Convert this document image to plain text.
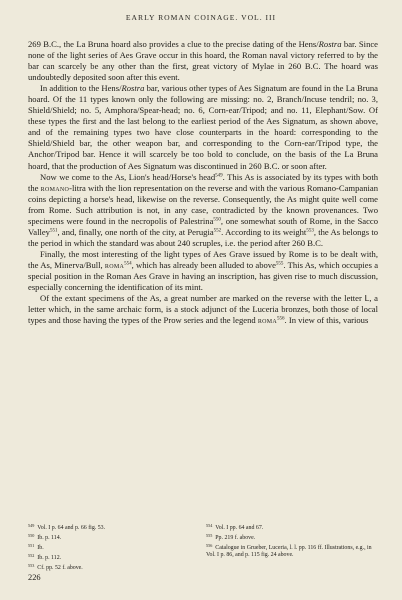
EARLY ROMAN COINAGE. VOL. III

269 B.C., the La Bruna hoard also provides a clue to the precise dating of the Hens/Rostra bar. Since none of the light series of Aes Grave occur in this hoard, the Roman naval victory referred to by the bar can scarcely be any other than the first, great victory of Mylae in 260 B.C. The hoard was undoubtedly deposited soon after this event.

In addition to the Hens/Rostra bar, various other types of Aes Signatum are found in the La Bruna hoard. Of the 11 types known only the following are missing: no. 2, Branch/Incuse tendril; no. 3, Shield/Shield; no. 5, Amphora/Spear-head; no. 6, Corn-ear/Tripod; and no. 11, Elephant/Sow. Of these types the first and the last belong to the earliest period of the Aes Signatum, as shown above, and of the remaining types two have close counterparts in the hoard: corresponding to the Shield/Shield bar, the other weapon bar, and corresponding to the Corn-ear/Tripod type, the Anchor/Tripod bar. Hence it will scarcely be too bold to conclude, on the basis of the La Bruna hoard, that the production of Aes Signatum was discontinued in 260 B.C. or soon after.

Now we come to the As, Lion's head/Horse's head$^{549}$. This As is associated by its types with both the romano-litra with the lion representation on the reverse and with the various Romano-Campanian coins depicting a horse's head, likewise on the reverse. Consequently, the As might quite well come from Rome. Such attribution is not, in any case, contradicted by the known provenances. Two specimens were found in the necropolis of Palestrina$^{550}$, one somewhat south of Rome, in the Sacco Valley$^{551}$, and, finally, one north of the city, at Perugia$^{552}$. According to its weight$^{553}$, the As belongs to the period in which the standard was about 240 scruples, i.e. the period after 260 B.C.

Finally, the most interesting of the light types of Aes Grave issued by Rome is to be dealt with, the As, Minerva/Bull, roma$^{554}$, which has already been alluded to above$^{555}$. This As, which occupies a special position in the Roman Aes Grave in having an inscription, has given rise to much discussion, especially concerning the identification of its mint.

Of the extant specimens of the As, a great number are marked on the reverse with the letter ᒪ, a letter which, in the same archaic form, is a stock adjunct of the Luceria bronzes, both those of local types and those having the types of the Prow series and the legend roma$^{556}$. In view of this, various

$^{549}$ Vol. I p. 64 and p. 66 fig. 53.
$^{550}$ Ib. p. 114.
$^{551}$ Ib.
$^{552}$ Ib. p. 112.
$^{553}$ Cf. pp. 52 f. above.
$^{554}$ Vol. I pp. 64 and 67.
$^{555}$ Pp. 219 f. above.
$^{556}$ Catalogue in Grueber, Luceria, l. l. pp. 116 ff. Illustrations, e.g., in Vol. I p. 86, and p. 115 fig. 24 above.
226
